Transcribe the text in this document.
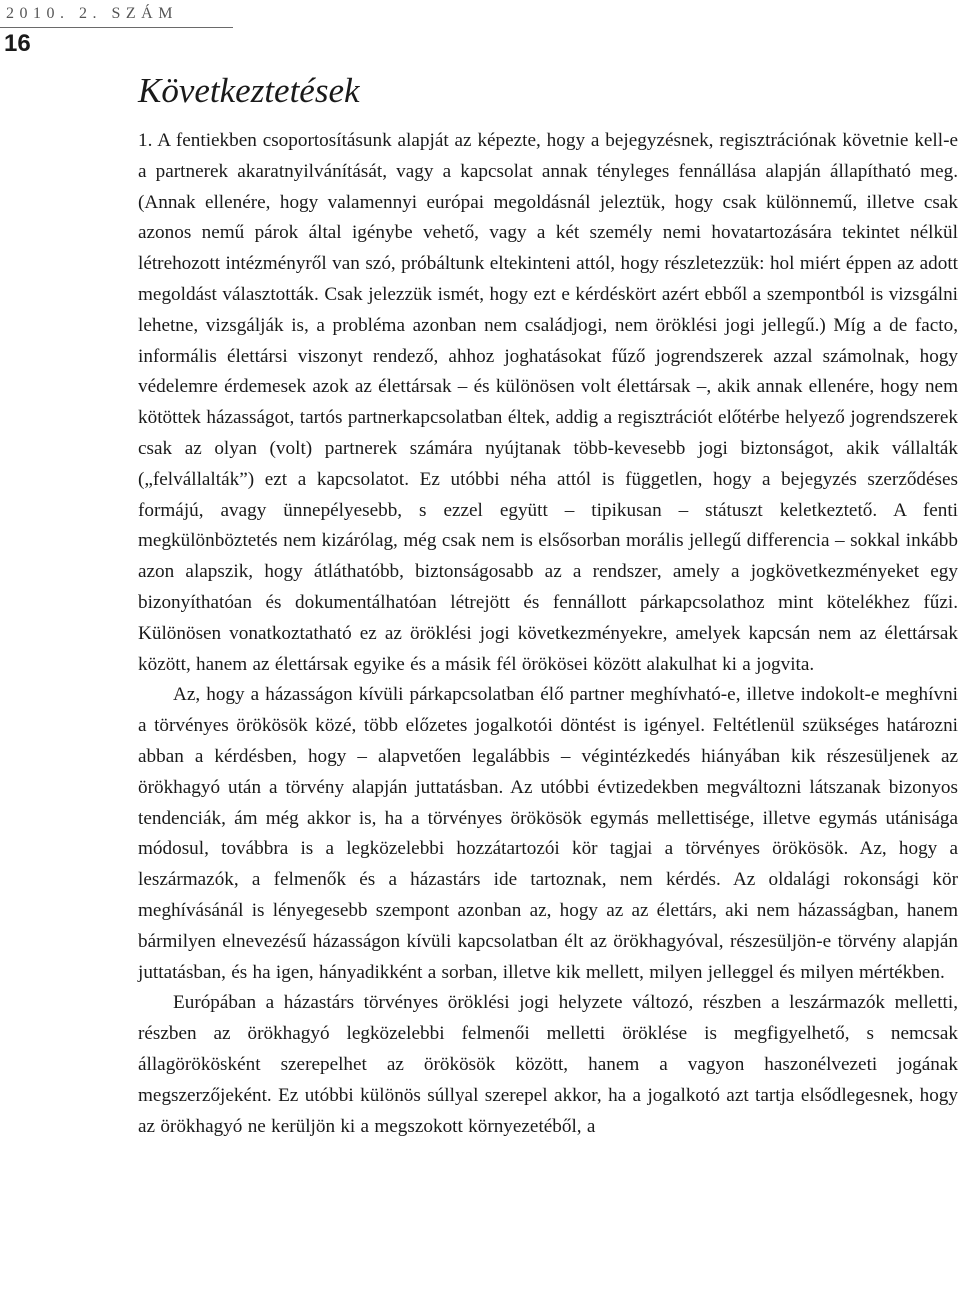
2010. 2. SZÁM
16
Következtetések

1. A fentiekben csoportosításunk alapját az képezte, hogy a bejegyzésnek, regisztrációnak követnie kell-e a partnerek akaratnyilvánítását, vagy a kapcsolat annak tényleges fennállása alapján állapítható meg. (Annak ellenére, hogy valamennyi európai megoldásnál jeleztük, hogy csak különnemű, illetve csak azonos nemű párok által igénybe vehető, vagy a két személy nemi hovatartozására tekintet nélkül létrehozott intézményről van szó, próbáltunk eltekinteni attól, hogy részletezzük: hol miért éppen az adott megoldást választották. Csak jelezzük ismét, hogy ezt e kérdéskört azért ebből a szempontból is vizsgálni lehetne, vizsgálják is, a probléma azonban nem családjogi, nem öröklési jogi jellegű.) Míg a de facto, informális élettársi viszonyt rendező, ahhoz joghatásokat fűző jogrendszerek azzal számolnak, hogy védelemre érdemesek azok az élettársak – és különösen volt élettársak –, akik annak ellenére, hogy nem kötöttek házasságot, tartós partnerkapcsolatban éltek, addig a regisztrációt előtérbe helyező jogrendszerek csak az olyan (volt) partnerek számára nyújtanak több-kevesebb jogi biztonságot, akik vállalták („felvállalták”) ezt a kapcsolatot. Ez utóbbi néha attól is független, hogy a bejegyzés szerződéses formájú, avagy ünnepélyesebb, s ezzel együtt – tipikusan – státuszt keletkeztető. A fenti megkülönböztetés nem kizárólag, még csak nem is elsősorban morális jellegű differencia – sokkal inkább azon alapszik, hogy átláthatóbb, biztonságosabb az a rendszer, amely a jogkövetkezményeket egy bizonyíthatóan és dokumentálhatóan létrejött és fennállott párkapcsolathoz mint kötelékhez fűzi. Különösen vonatkoztatható ez az öröklési jogi következményekre, amelyek kapcsán nem az élettársak között, hanem az élettársak egyike és a másik fél örökösei között alakulhat ki a jogvita.

Az, hogy a házasságon kívüli párkapcsolatban élő partner meghívható-e, illetve indokolt-e meghívni a törvényes örökösök közé, több előzetes jogalkotói döntést is igényel. Feltétlenül szükséges határozni abban a kérdésben, hogy – alapvetően legalábbis – végintézkedés hiányában kik részesüljenek az örökhagyó után a törvény alapján juttatásban. Az utóbbi évtizedekben megváltozni látszanak bizonyos tendenciák, ám még akkor is, ha a törvényes örökösök egymás mellettisége, illetve egymás utánisága módosul, továbbra is a legközelebbi hozzátartozói kör tagjai a törvényes örökösök. Az, hogy a leszármazók, a felmenők és a házastárs ide tartoznak, nem kérdés. Az oldalági rokonsági kör meghívásánál is lényegesebb szempont azonban az, hogy az az élettárs, aki nem házasságban, hanem bármilyen elnevezésű házasságon kívüli kapcsolatban élt az örökhagyóval, részesüljön-e törvény alapján juttatásban, és ha igen, hányadikként a sorban, illetve kik mellett, milyen jelleggel és milyen mértékben.

Európában a házastárs törvényes öröklési jogi helyzete változó, részben a leszármazók melletti, részben az örökhagyó legközelebbi felmenői melletti öröklése is megfigyelhető, s nemcsak állagörökösként szerepelhet az örökösök között, hanem a vagyon haszonélvezeti jogának megszerzőjeként. Ez utóbbi különös súllyal szerepel akkor, ha a jogalkotó azt tartja elsődlegesnek, hogy az örökhagyó ne kerüljön ki a megszokott környezetéből, a
